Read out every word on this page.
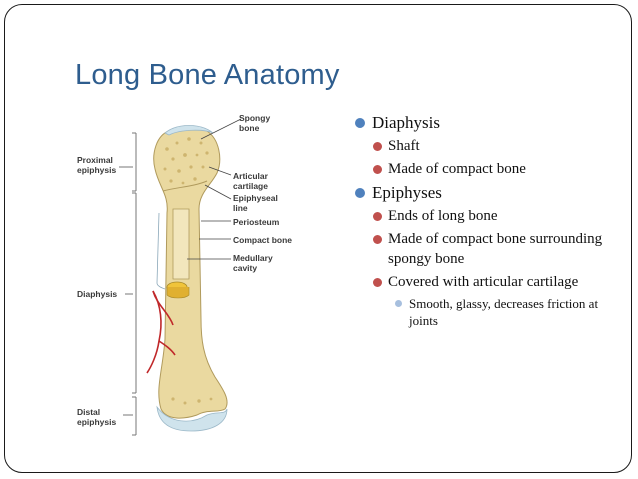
Long Bone Anatomy
Spongy
bone
Articular
cartilage
Epiphyseal
line
Periosteum
Compact bone
Medullary
cavity
Proximal
epiphysis
Diaphysis
Distal
epiphysis
Diaphysis
Shaft
Made of compact bone
Epiphyses
Ends of long bone
Made of compact bone surrounding spongy bone
Covered with articular cartilage
Smooth, glassy, decreases friction at joints
